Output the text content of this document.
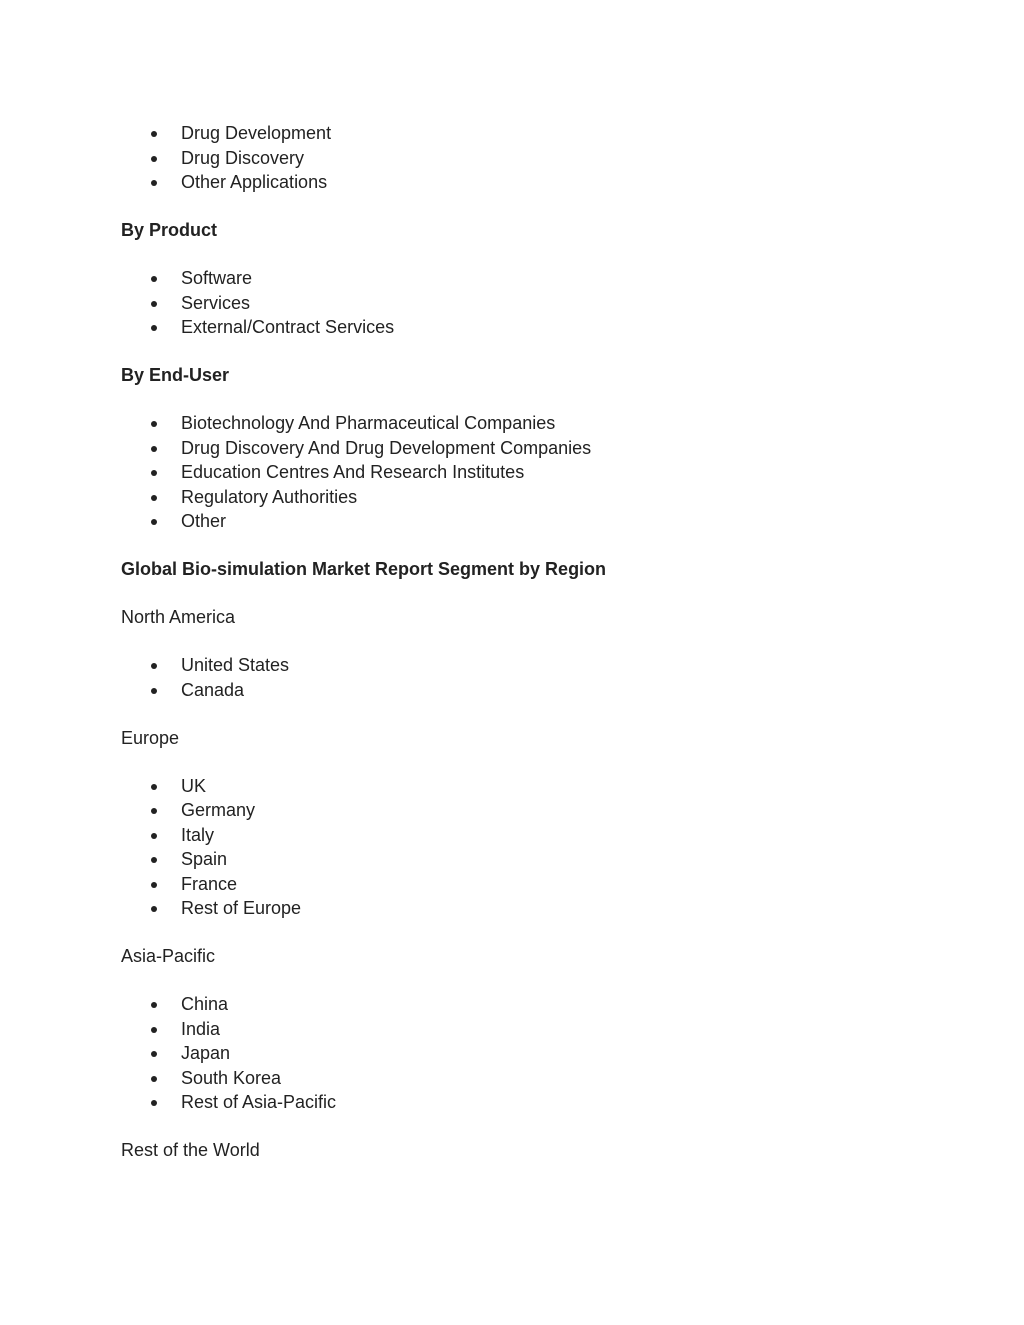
Drug Development
Drug Discovery
Other Applications
By Product
Software
Services
External/Contract Services
By End-User
Biotechnology And Pharmaceutical Companies
Drug Discovery And Drug Development Companies
Education Centres And Research Institutes
Regulatory Authorities
Other
Global Bio-simulation Market Report Segment by Region
North America
United States
Canada
Europe
UK
Germany
Italy
Spain
France
Rest of Europe
Asia-Pacific
China
India
Japan
South Korea
Rest of Asia-Pacific
Rest of the World
